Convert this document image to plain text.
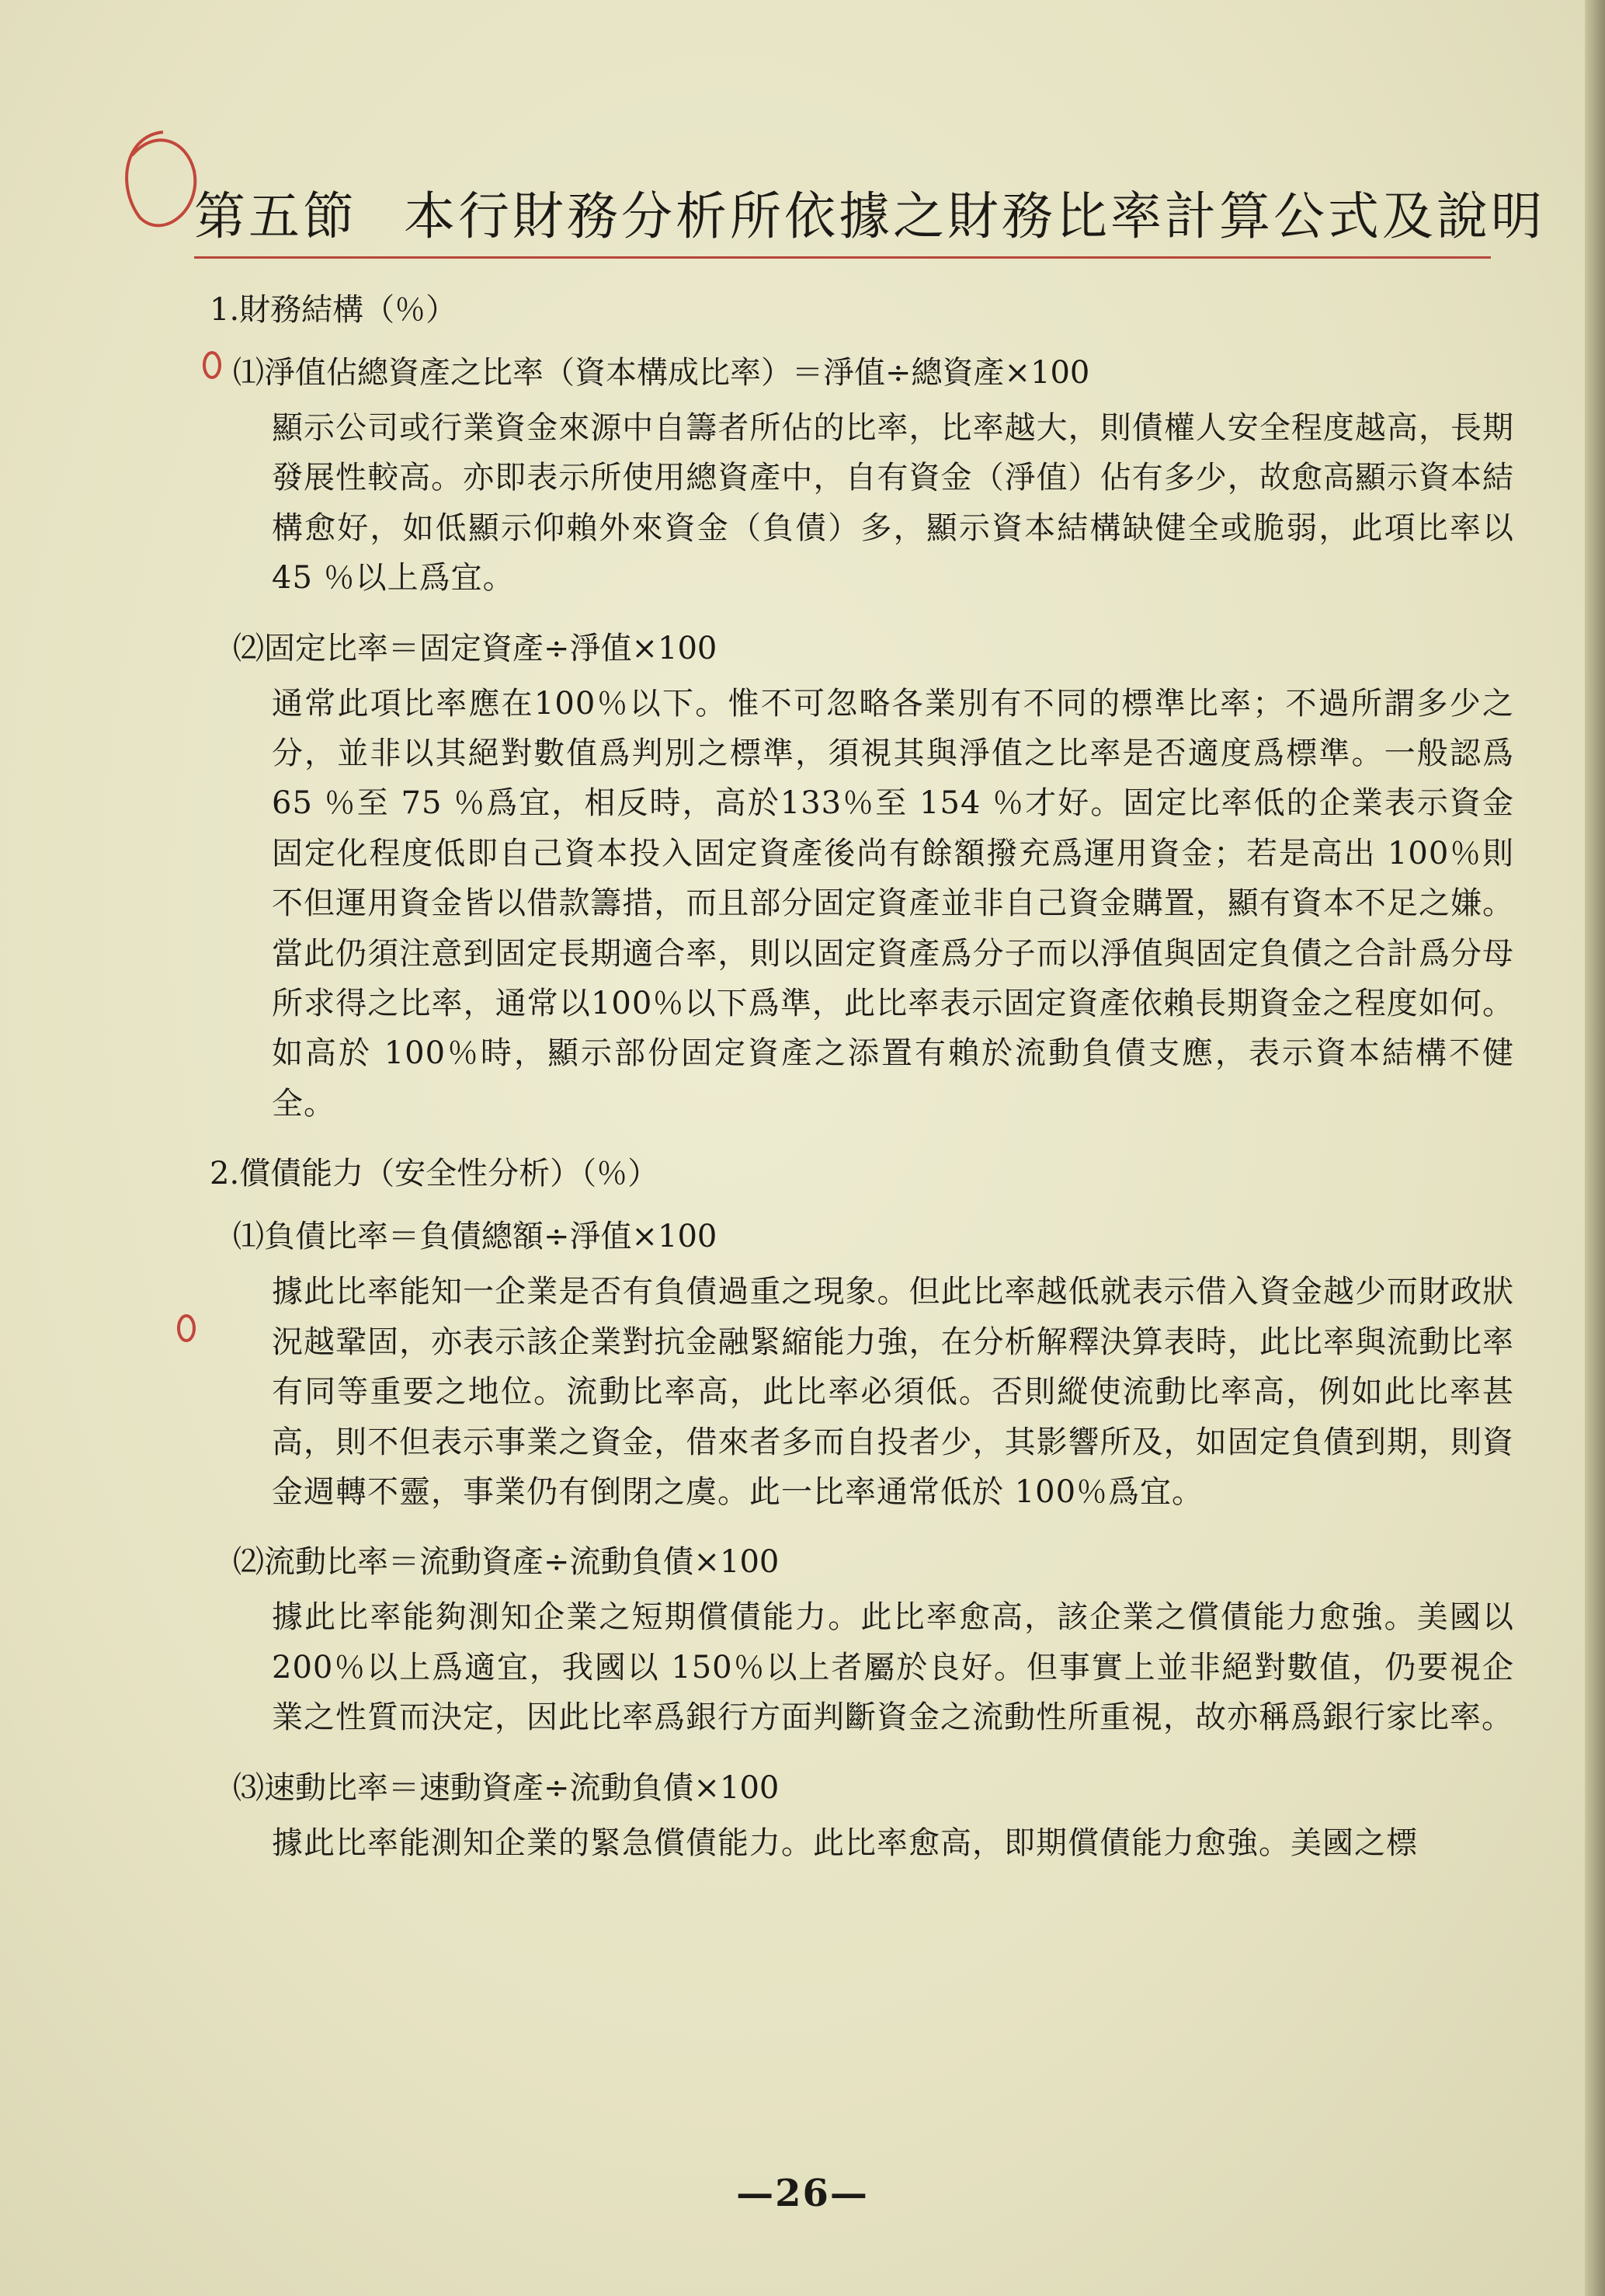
第五節 本行財務分析所依據之財務比率計算公式及說明
1.財務結構（％）
⑴淨值佔總資產之比率（資本構成比率）＝淨值÷總資產×100
顯示公司或行業資金來源中自籌者所佔的比率，比率越大，則債權人安全程度越高，長期發展性較高。亦即表示所使用總資產中，自有資金（淨值）佔有多少，故愈高顯示資本結構愈好，如低顯示仰賴外來資金（負債）多，顯示資本結構缺健全或脆弱，此項比率以 45 ％以上爲宜。
⑵固定比率＝固定資產÷淨值×100
通常此項比率應在100％以下。惟不可忽略各業別有不同的標準比率；不過所謂多少之分，並非以其絕對數值爲判別之標準，須視其與淨值之比率是否適度爲標準。一般認爲65 ％至 75 ％爲宜，相反時，高於133％至 154 ％才好。固定比率低的企業表示資金固定化程度低即自己資本投入固定資產後尚有餘額撥充爲運用資金；若是高出 100％則不但運用資金皆以借款籌措，而且部分固定資產並非自己資金購置，顯有資本不足之嫌。當此仍須注意到固定長期適合率，則以固定資產爲分子而以淨值與固定負債之合計爲分母所求得之比率，通常以100％以下爲準，此比率表示固定資產依賴長期資金之程度如何。如高於 100％時，顯示部份固定資產之添置有賴於流動負債支應，表示資本結構不健全。
2.償債能力（安全性分析）（％）
⑴負債比率＝負債總額÷淨值×100
據此比率能知一企業是否有負債過重之現象。但此比率越低就表示借入資金越少而財政狀況越鞏固，亦表示該企業對抗金融緊縮能力強，在分析解釋決算表時，此比率與流動比率有同等重要之地位。流動比率高，此比率必須低。否則縱使流動比率高，例如此比率甚高，則不但表示事業之資金，借來者多而自投者少，其影響所及，如固定負債到期，則資金週轉不靈，事業仍有倒閉之虞。此一比率通常低於 100％爲宜。
⑵流動比率＝流動資產÷流動負債×100
據此比率能夠測知企業之短期償債能力。此比率愈高，該企業之償債能力愈強。美國以200％以上爲適宜，我國以 150％以上者屬於良好。但事實上並非絕對數值，仍要視企業之性質而決定，因此比率爲銀行方面判斷資金之流動性所重視，故亦稱爲銀行家比率。
⑶速動比率＝速動資產÷流動負債×100
據此比率能測知企業的緊急償債能力。此比率愈高，即期償債能力愈強。美國之標
—26—
